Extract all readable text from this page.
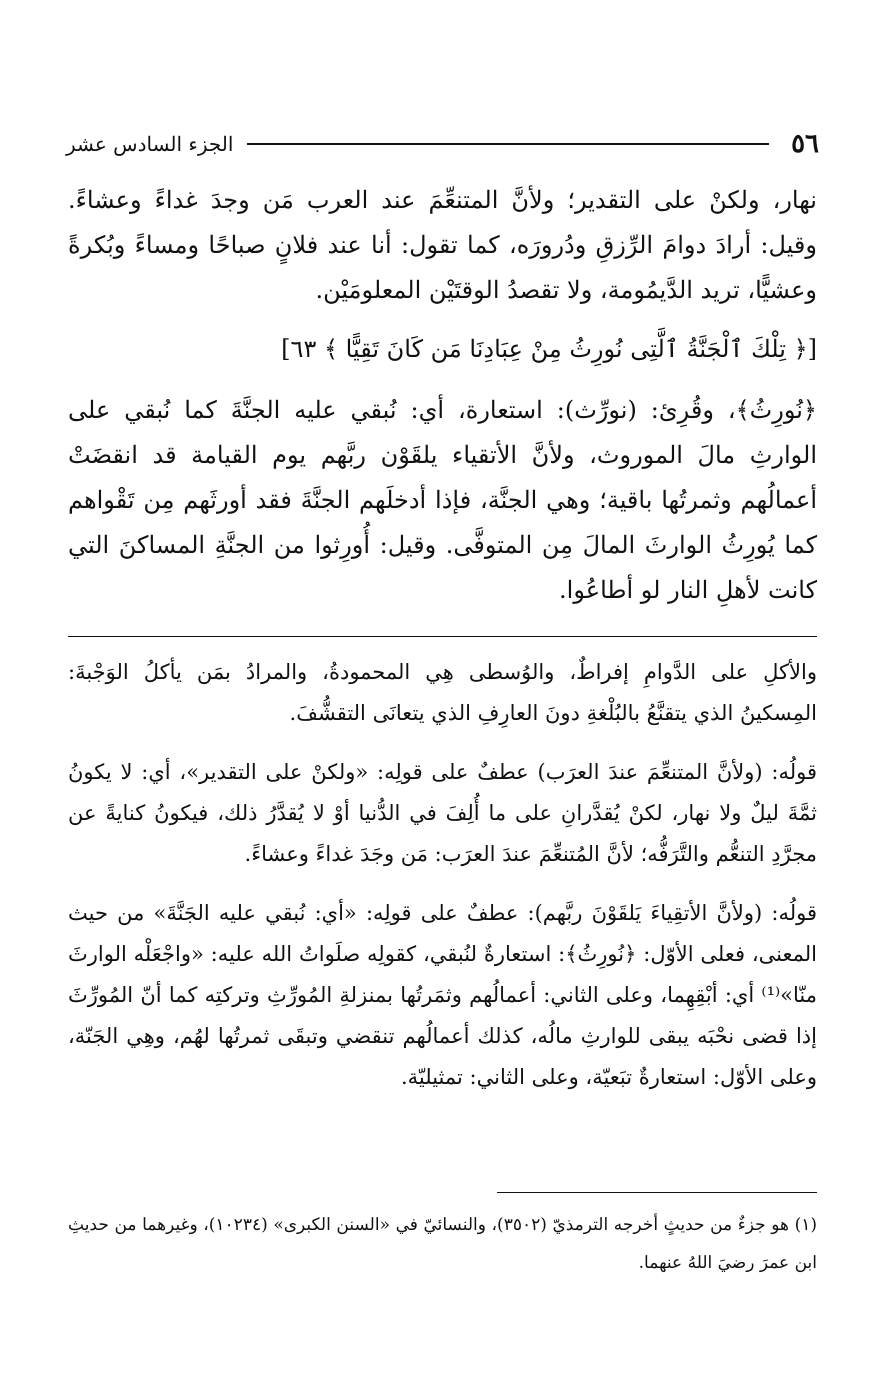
٥٦
الجزء السادس عشر

نهار، ولكنْ على التقدير؛ ولأنَّ المتنعِّمَ عند العرب مَن وجدَ غداءً وعشاءً. وقيل: أرادَ دوامَ الرِّزقِ ودُرورَه، كما تقول: أنا عند فلانٍ صباحًا ومساءً وبُكرةً وعشيًّا، تريد الدَّيمُومة، ولا تقصدُ الوقتَيْن المعلومَيْن.

[﴿ تِلْكَ ٱلْجَنَّةُ ٱلَّتِى نُورِثُ مِنْ عِبَادِنَا مَن كَانَ تَقِيًّا ﴾ ٦٣]

﴿نُورِثُ﴾، وقُرِئ: (نورِّث): استعارة، أي: نُبقي عليه الجنَّةَ كما نُبقي على الوارثِ مالَ الموروث، ولأنَّ الأتقياء يلقَوْن ربَّهم يوم القيامة قد انقضَتْ أعمالُهم وثمرتُها باقية؛ وهي الجنَّة، فإذا أدخلَهم الجنَّةَ فقد أورثَهم مِن تَقْواهم كما يُورِثُ الوارثَ المالَ مِن المتوفَّى. وقيل: أُورِثوا من الجنَّةِ المساكنَ التي كانت لأهلِ النار لو أطاعُوا.

والأكلِ على الدَّوامِ إفراطٌ، والوُسطى هِي المحمودةُ، والمرادُ بمَن يأكلُ الوَجْبةَ: المِسكينُ الذي يتقنَّعُ بالبُلْغةِ دونَ العارِفِ الذي يتعانَى التقشُّفَ.

قولُه: (ولأنَّ المتنعِّمَ عندَ العرَب) عطفٌ على قولِه: «ولكنْ على التقدير»، أي: لا يكونُ ثمَّةَ ليلٌ ولا نهار، لكنْ يُقدَّرانِ على ما أُلِفَ في الدُّنيا أوْ لا يُقدَّرُ ذلك، فيكونُ كنايةً عن مجرَّدِ التنعُّم والتَّرَفُّه؛ لأنَّ المُتنعِّمَ عندَ العرَب: مَن وجَدَ غداءً وعشاءً.

قولُه: (ولأنَّ الأتقِياءَ يَلقَوْنَ ربَّهم): عطفٌ على قولِه: «أي: نُبقي عليه الجَنَّةَ» من حيث المعنى، فعلى الأوّل: ﴿نُورِثُ﴾: استعارةٌ لنُبقي، كقولِه صلَواتُ الله عليه: «واجْعَلْه الوارثَ منّا»⁽¹⁾ أي: أبْقِهِما، وعلى الثاني: أعمالُهم وثمَرتُها بمنزلةِ المُورِّثِ وتركتِه كما أنّ المُورِّثَ إذا قضى نحْبَه يبقى للوارثِ مالُه، كذلك أعمالُهم تنقضي وتبقَى ثمرتُها لهُم، وهِي الجَنّة، وعلى الأوّل: استعارةٌ تبَعيّة، وعلى الثاني: تمثيليّة.

(١) هو جزءٌ من حديثٍ أخرجه الترمذيّ (٣٥٠٢)، والنسائيّ في «السنن الكبرى» (١٠٢٣٤)، وغيرهما من حديثِ ابن عمرَ رضيَ اللهُ عنهما.
